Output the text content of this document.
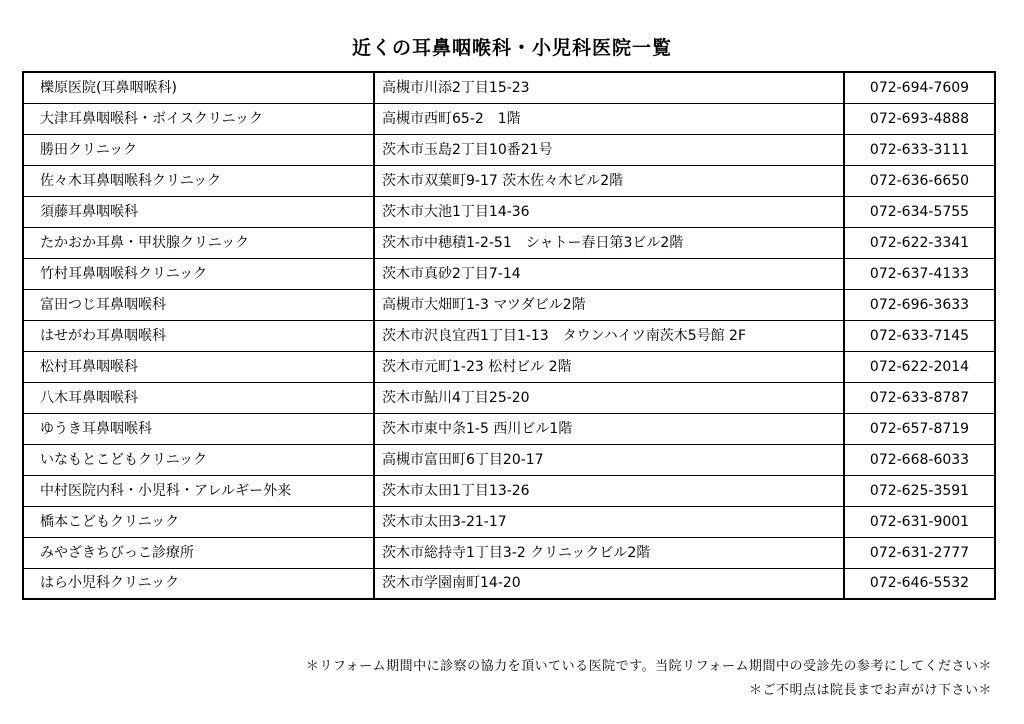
近くの耳鼻咽喉科・小児科医院一覧
櫟原医院(耳鼻咽喉科)	高槻市川添2丁目15-23	072-694-7609
大津耳鼻咽喉科・ボイスクリニック	高槻市西町65-2　1階	072-693-4888
勝田クリニック	茨木市玉島2丁目10番21号	072-633-3111
佐々木耳鼻咽喉科クリニック	茨木市双葉町9-17 茨木佐々木ビル2階	072-636-6650
須藤耳鼻咽喉科	茨木市大池1丁目14-36	072-634-5755
たかおか耳鼻・甲状腺クリニック	茨木市中穂積1-2-51　シャトー春日第3ビル2階	072-622-3341
竹村耳鼻咽喉科クリニック	茨木市真砂2丁目7-14	072-637-4133
富田つじ耳鼻咽喉科	高槻市大畑町1-3 マツダビル2階	072-696-3633
はせがわ耳鼻咽喉科	茨木市沢良宜西1丁目1-13　タウンハイツ南茨木5号館 2F	072-633-7145
松村耳鼻咽喉科	茨木市元町1-23 松村ビル 2階	072-622-2014
八木耳鼻咽喉科	茨木市鮎川4丁目25-20	072-633-8787
ゆうき耳鼻咽喉科	茨木市東中条1-5 西川ビル1階	072-657-8719
いなもとこどもクリニック	高槻市富田町6丁目20-17	072-668-6033
中村医院内科・小児科・アレルギー外来	茨木市太田1丁目13-26	072-625-3591
橋本こどもクリニック	茨木市太田3-21-17	072-631-9001
みやざきちびっこ診療所	茨木市総持寺1丁目3-2 クリニックビル2階	072-631-2777
はら小児科クリニック	茨木市学園南町14-20	072-646-5532
＊リフォーム期間中に診察の協力を頂いている医院です。当院リフォーム期間中の受診先の参考にしてください＊
＊ご不明点は院長までお声がけ下さい＊
